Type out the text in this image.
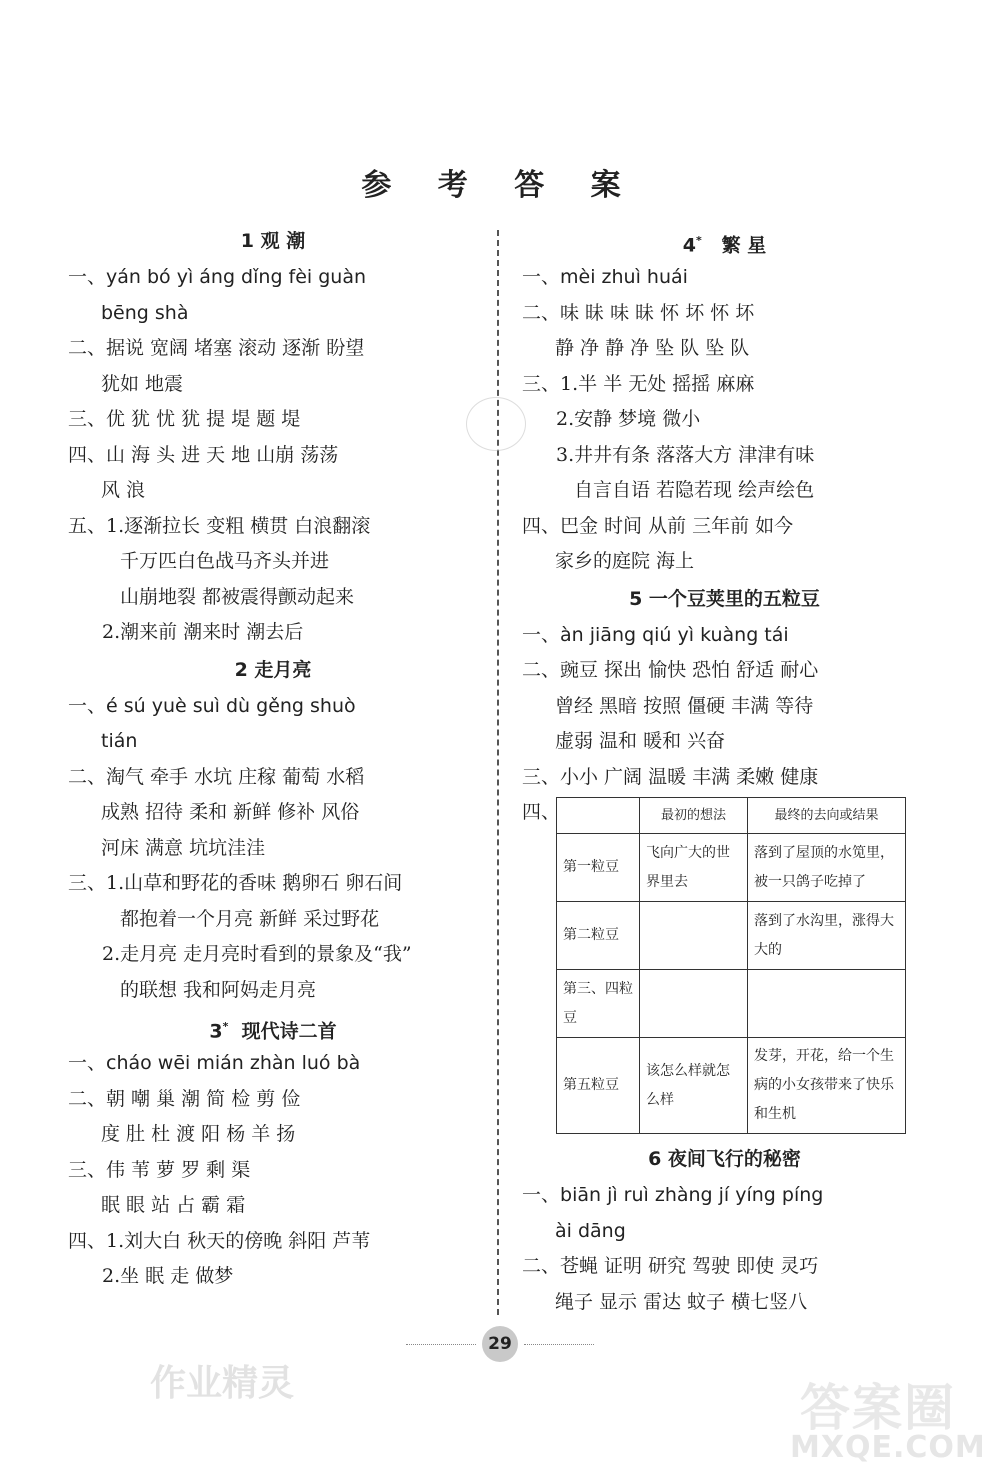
参 考 答 案
1 观 潮
一、yán bó yì áng dǐng fèi guàn
bēng shà
二、据说 宽阔 堵塞 滚动 逐渐 盼望
犹如 地震
三、优 犹 忧 犹 提 堤 题 堤
四、山 海 头 进 天 地 山崩 荡荡
风 浪
五、1.逐渐拉长 变粗 横贯 白浪翻滚
千万匹白色战马齐头并进
山崩地裂 都被震得颤动起来
2.潮来前 潮来时 潮去后
2 走月亮
一、é sú yuè suì dù gěng shuò
tián
二、淘气 牵手 水坑 庄稼 葡萄 水稻
成熟 招待 柔和 新鲜 修补 风俗
河床 满意 坑坑洼洼
三、1.山草和野花的香味 鹅卵石 卵石间
都抱着一个月亮 新鲜 采过野花
2.走月亮 走月亮时看到的景象及“我”
的联想 我和阿妈走月亮
3* 现代诗二首
一、cháo wēi mián zhàn luó bà
二、朝 嘲 巢 潮 简 检 剪 俭
度 肚 杜 渡 阳 杨 羊 扬
三、伟 苇 萝 罗 剩 渠
眠 眼 站 占 霸 霜
四、1.刘大白 秋天的傍晚 斜阳 芦苇
2.坐 眠 走 做梦
4* 繁 星
一、mèi zhuì huái
二、味 昧 味 昧 怀 坏 怀 坏
静 净 静 净 坠 队 坠 队
三、1.半 半 无处 摇摇 麻麻
2.安静 梦境 微小
3.井井有条 落落大方 津津有味
自言自语 若隐若现 绘声绘色
四、巴金 时间 从前 三年前 如今
家乡的庭院 海上
5 一个豆荚里的五粒豆
一、àn jiāng qiú yì kuàng tái
二、豌豆 探出 愉快 恐怕 舒适 耐心
曾经 黑暗 按照 僵硬 丰满 等待
虚弱 温和 暖和 兴奋
三、小小 广阔 温暖 丰满 柔嫩 健康
四、
		最初的想法	最终的去向或结果
第一粒豆	飞向广大的世界里去	落到了屋顶的水笕里，被一只鸽子吃掉了
第二粒豆		落到了水沟里，涨得大大的
第三、四粒豆		
第五粒豆	该怎么样就怎么样	发芽，开花，给一个生病的小女孩带来了快乐和生机
6 夜间飞行的秘密
一、biān jì ruì zhàng jí yíng píng
ài dāng
二、苍蝇 证明 研究 驾驶 即使 灵巧
绳子 显示 雷达 蚊子 横七竖八
29
作业精灵	答案圈
MXQE.COM
